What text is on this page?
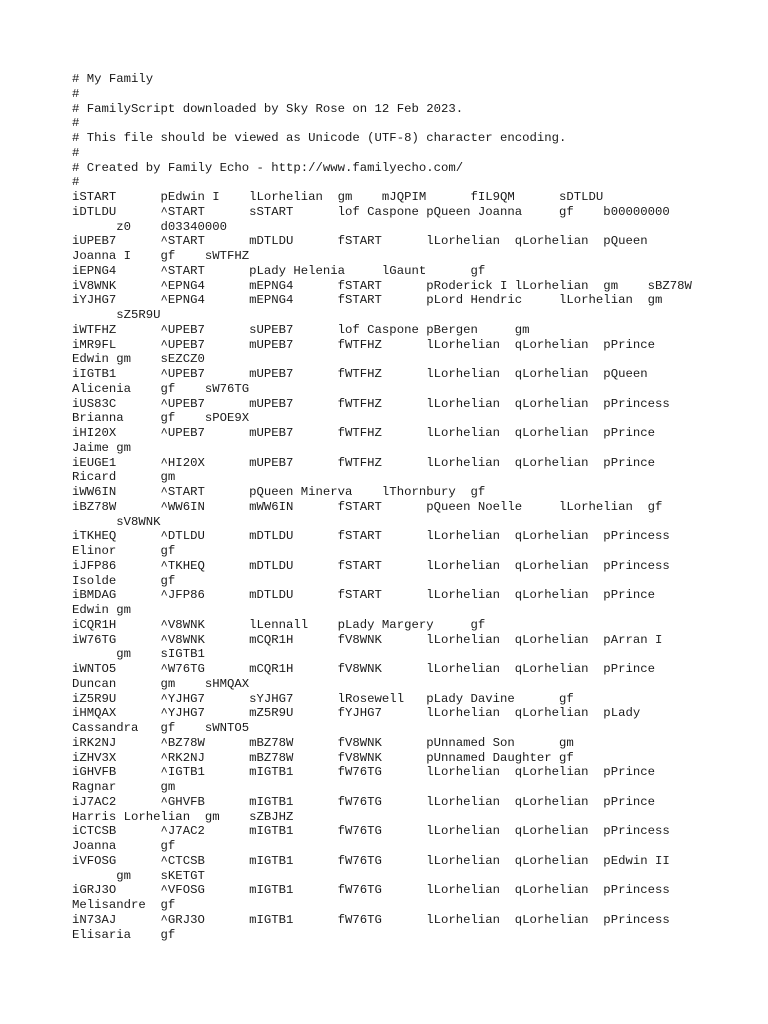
# My Family
#
# FamilyScript downloaded by Sky Rose on 12 Feb 2023.
#
# This file should be viewed as Unicode (UTF-8) character encoding.
#
# Created by Family Echo - http://www.familyecho.com/
#
iSTART      pEdwin I    lLorhelian  gm    mJQPIM      fIL9QM      sDTLDU
iDTLDU      ^START      sSTART      lof Caspone pQueen Joanna     gf    b00000000
z0    d03340000
iUPEB7      ^START      mDTLDU      fSTART      lLorhelian  qLorhelian  pQueen
Joanna I    gf    sWTFHZ
iEPNG4      ^START      pLady Helenia     lGaunt      gf
iV8WNK      ^EPNG4      mEPNG4      fSTART      pRoderick I lLorhelian  gm    sBZ78W
iYJHG7      ^EPNG4      mEPNG4      fSTART      pLord Hendric     lLorhelian  gm
sZ5R9U
iWTFHZ      ^UPEB7      sUPEB7      lof Caspone pBergen     gm
iMR9FL      ^UPEB7      mUPEB7      fWTFHZ      lLorhelian  qLorhelian  pPrince
Edwin gm    sEZCZ0
iIGTB1      ^UPEB7      mUPEB7      fWTFHZ      lLorhelian  qLorhelian  pQueen
Alicenia    gf    sW76TG
iUS83C      ^UPEB7      mUPEB7      fWTFHZ      lLorhelian  qLorhelian  pPrincess
Brianna     gf    sPOE9X
iHI20X      ^UPEB7      mUPEB7      fWTFHZ      lLorhelian  qLorhelian  pPrince
Jaime gm
iEUGE1      ^HI20X      mUPEB7      fWTFHZ      lLorhelian  qLorhelian  pPrince
Ricard      gm
iWW6IN      ^START      pQueen Minerva    lThornbury  gf
iBZ78W      ^WW6IN      mWW6IN      fSTART      pQueen Noelle     lLorhelian  gf
sV8WNK
iTKHEQ      ^DTLDU      mDTLDU      fSTART      lLorhelian  qLorhelian  pPrincess
Elinor      gf
iJFP86      ^TKHEQ      mDTLDU      fSTART      lLorhelian  qLorhelian  pPrincess
Isolde      gf
iBMDAG      ^JFP86      mDTLDU      fSTART      lLorhelian  qLorhelian  pPrince
Edwin gm
iCQR1H      ^V8WNK      lLennall    pLady Margery     gf
iW76TG      ^V8WNK      mCQR1H      fV8WNK      lLorhelian  qLorhelian  pArran I
gm    sIGTB1
iWNTO5      ^W76TG      mCQR1H      fV8WNK      lLorhelian  qLorhelian  pPrince
Duncan      gm    sHMQAX
iZ5R9U      ^YJHG7      sYJHG7      lRosewell   pLady Davine      gf
iHMQAX      ^YJHG7      mZ5R9U      fYJHG7      lLorhelian  qLorhelian  pLady
Cassandra   gf    sWNTO5
iRK2NJ      ^BZ78W      mBZ78W      fV8WNK      pUnnamed Son      gm
iZHV3X      ^RK2NJ      mBZ78W      fV8WNK      pUnnamed Daughter gf
iGHVFB      ^IGTB1      mIGTB1      fW76TG      lLorhelian  qLorhelian  pPrince
Ragnar      gm
iJ7AC2      ^GHVFB      mIGTB1      fW76TG      lLorhelian  qLorhelian  pPrince
Harris Lorhelian  gm    sZBJHZ
iCTCSB      ^J7AC2      mIGTB1      fW76TG      lLorhelian  qLorhelian  pPrincess
Joanna      gf
iVFOSG      ^CTCSB      mIGTB1      fW76TG      lLorhelian  qLorhelian  pEdwin II
gm    sKETGT
iGRJ3O      ^VFOSG      mIGTB1      fW76TG      lLorhelian  qLorhelian  pPrincess
Melisandre  gf
iN73AJ      ^GRJ3O      mIGTB1      fW76TG      lLorhelian  qLorhelian  pPrincess
Elisaria    gf
